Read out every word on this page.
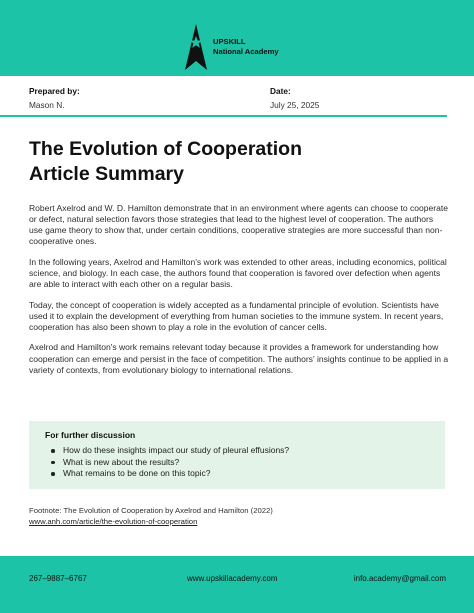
UPSKILL
National Academy
Prepared by:
Mason N.
Date:
July 25, 2025
The Evolution of Cooperation
Article Summary

Robert Axelrod and W. D. Hamilton demonstrate that in an environment where agents can choose to cooperate or defect, natural selection favors those strategies that lead to the highest level of cooperation. The authors use game theory to show that, under certain conditions, cooperative strategies are more successful than non-cooperative ones.

In the following years, Axelrod and Hamilton's work was extended to other areas, including economics, political science, and biology. In each case, the authors found that cooperation is favored over defection when agents are able to interact with each other on a regular basis.

Today, the concept of cooperation is widely accepted as a fundamental principle of evolution. Scientists have used it to explain the development of everything from human societies to the immune system. In recent years, cooperation has also been shown to play a role in the evolution of cancer cells.

Axelrod and Hamilton's work remains relevant today because it provides a framework for understanding how cooperation can emerge and persist in the face of competition. The authors' insights continue to be applied in a variety of contexts, from evolutionary biology to international relations.

For further discussion
How do these insights impact our study of pleural effusions?
What is new about the results?
What remains to be done on this topic?
Footnote: The Evolution of Cooperation by Axelrod and Hamilton (2022)
www.anh.com/article/the-evolution-of-cooperation
267–9887–6767	www.upskillacademy.com	info.academy@gmail.com
